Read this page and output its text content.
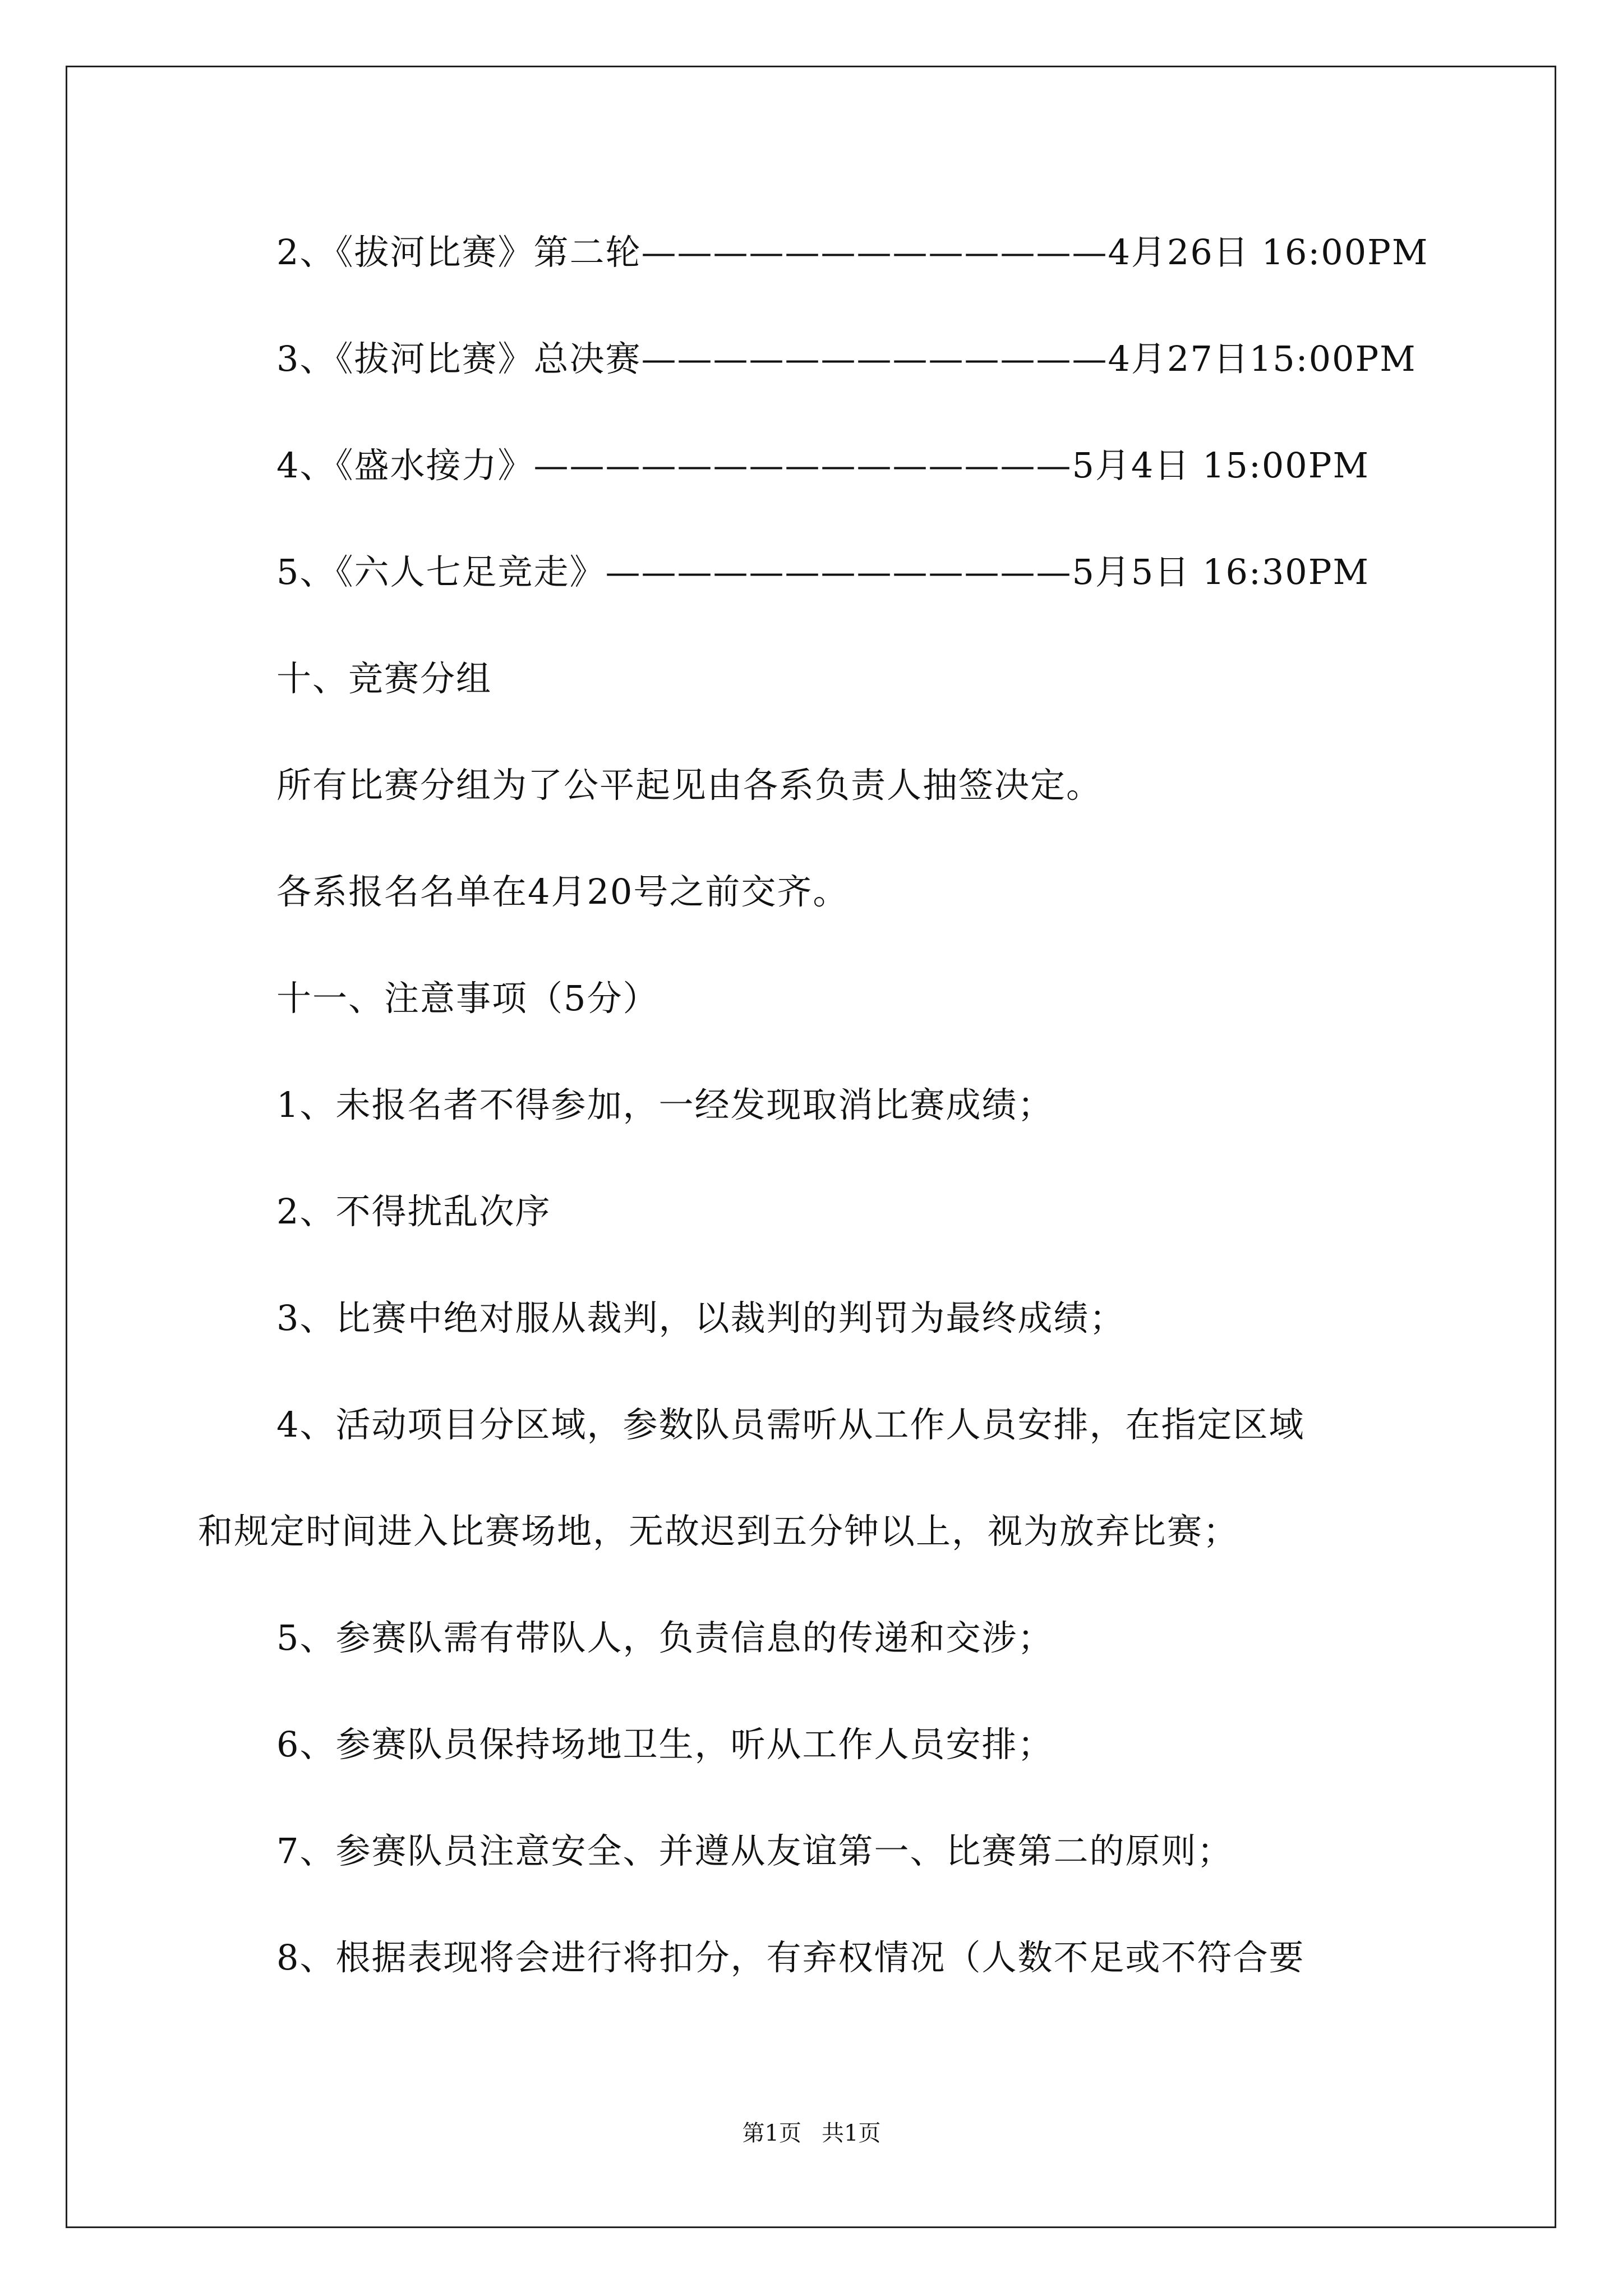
2、《拔河比赛》第二轮—————————————4月26日 16:00PM
3、《拔河比赛》总决赛—————————————4月27日15:00PM
4、《盛水接力》———————————————5月4日 15:00PM
5、《六人七足竞走》—————————————5月5日 16:30PM
十、竞赛分组
所有比赛分组为了公平起见由各系负责人抽签决定。
各系报名名单在4月20号之前交齐。
十一、注意事项（5分）
1、未报名者不得参加，一经发现取消比赛成绩；
2、不得扰乱次序
3、比赛中绝对服从裁判，以裁判的判罚为最终成绩；
4、活动项目分区域，参数队员需听从工作人员安排，在指定区域
和规定时间进入比赛场地，无故迟到五分钟以上，视为放弃比赛；
5、参赛队需有带队人，负责信息的传递和交涉；
6、参赛队员保持场地卫生，听从工作人员安排；
7、参赛队员注意安全、并遵从友谊第一、比赛第二的原则；
8、根据表现将会进行将扣分，有弃权情况（人数不足或不符合要
第1页 共1页
